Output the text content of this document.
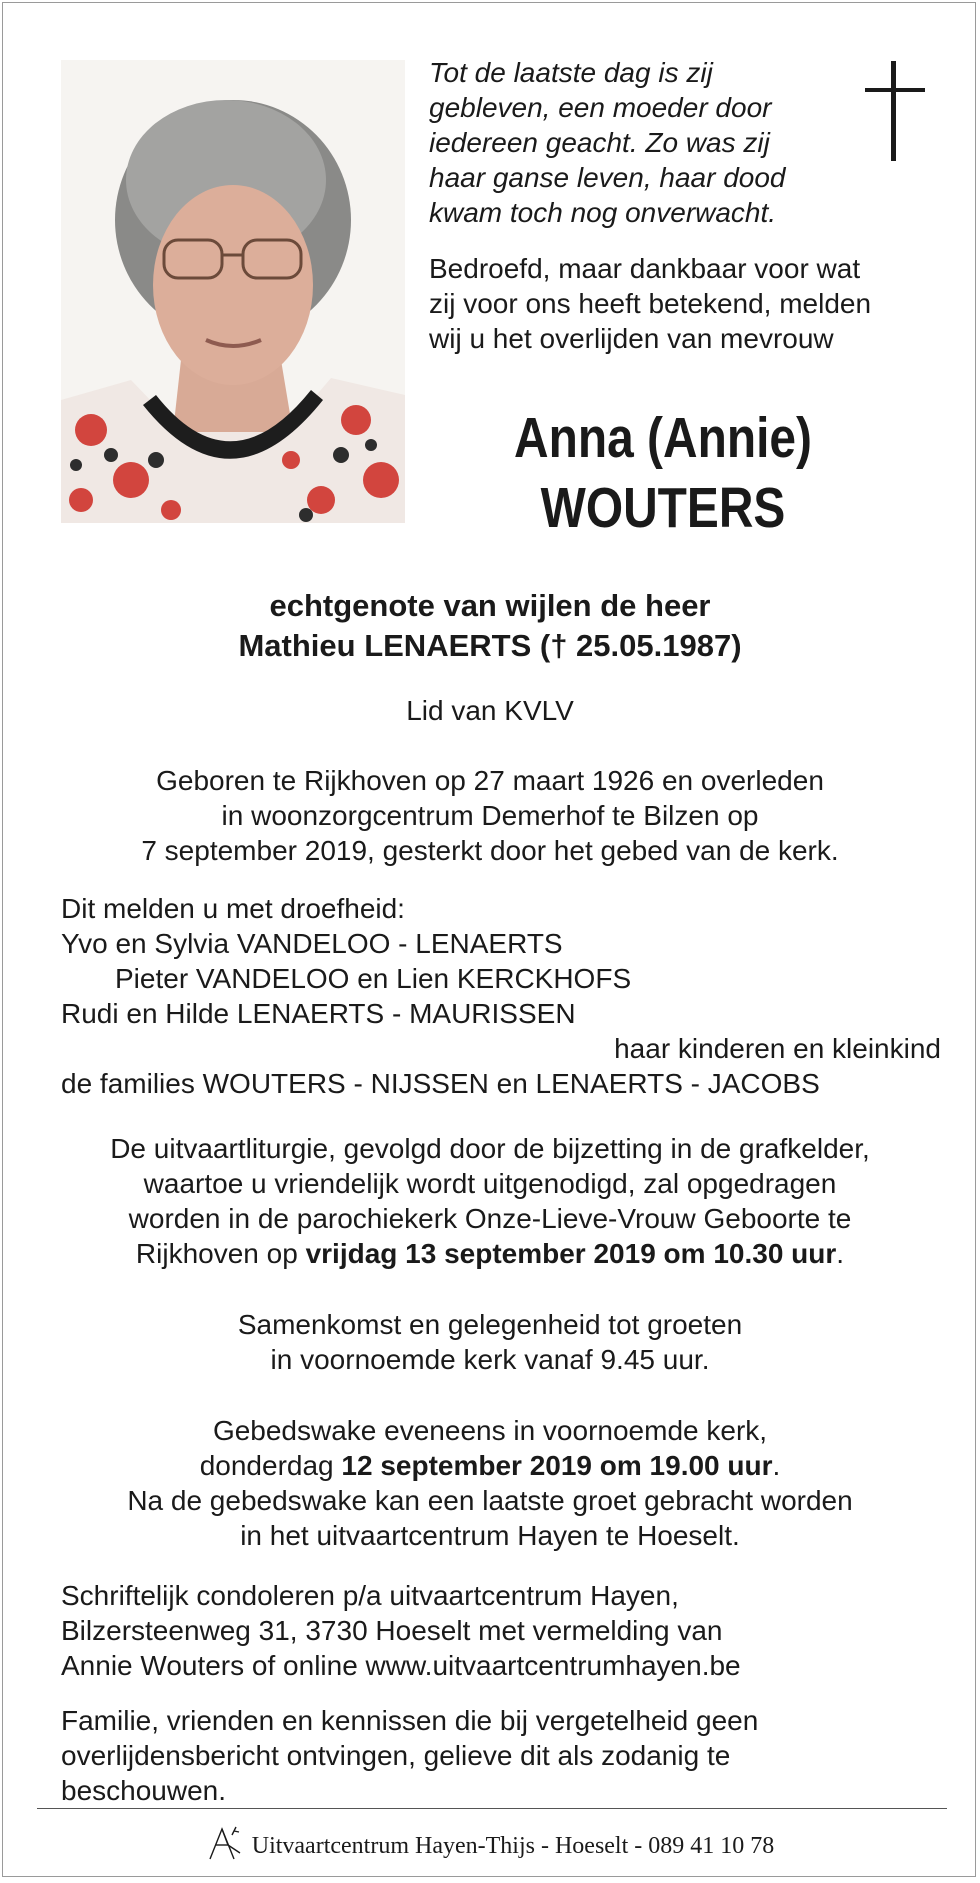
Tot de laatste dag is zij
gebleven, een moeder door
iedereen geacht. Zo was zij
haar ganse leven, haar dood
kwam toch nog onverwacht.

Bedroefd, maar dankbaar voor wat
zij voor ons heeft betekend, melden
wij u het overlijden van mevrouw

Anna (Annie)
WOUTERS
echtgenote van wijlen de heer
Mathieu LENAERTS († 25.05.1987)

Lid van KVLV

Geboren te Rijkhoven op 27 maart 1926 en overleden
in woonzorgcentrum Demerhof te Bilzen op
7 september 2019, gesterkt door het gebed van de kerk.

Dit melden u met droefheid:
Yvo en Sylvia VANDELOO - LENAERTS
Pieter VANDELOO en Lien KERCKHOFS
Rudi en Hilde LENAERTS - MAURISSEN
haar kinderen en kleinkind
de families WOUTERS - NIJSSEN en LENAERTS - JACOBS
De uitvaartliturgie, gevolgd door de bijzetting in de grafkelder,
waartoe u vriendelijk wordt uitgenodigd, zal opgedragen
worden in de parochiekerk Onze-Lieve-Vrouw Geboorte te
Rijkhoven op vrijdag 13 september 2019 om 10.30 uur.

Samenkomst en gelegenheid tot groeten
in voornoemde kerk vanaf 9.45 uur.

Gebedswake eveneens in voornoemde kerk,
donderdag 12 september 2019 om 19.00 uur.
Na de gebedswake kan een laatste groet gebracht worden
in het uitvaartcentrum Hayen te Hoeselt.

Schriftelijk condoleren p/a uitvaartcentrum Hayen,
Bilzersteenweg 31, 3730 Hoeselt met vermelding van
Annie Wouters of online www.uitvaartcentrumhayen.be

Familie, vrienden en kennissen die bij vergetelheid geen overlijdensbericht ontvingen, gelieve dit als zodanig te beschouwen.

Uitvaartcentrum Hayen-Thijs - Hoeselt - 089 41 10 78
